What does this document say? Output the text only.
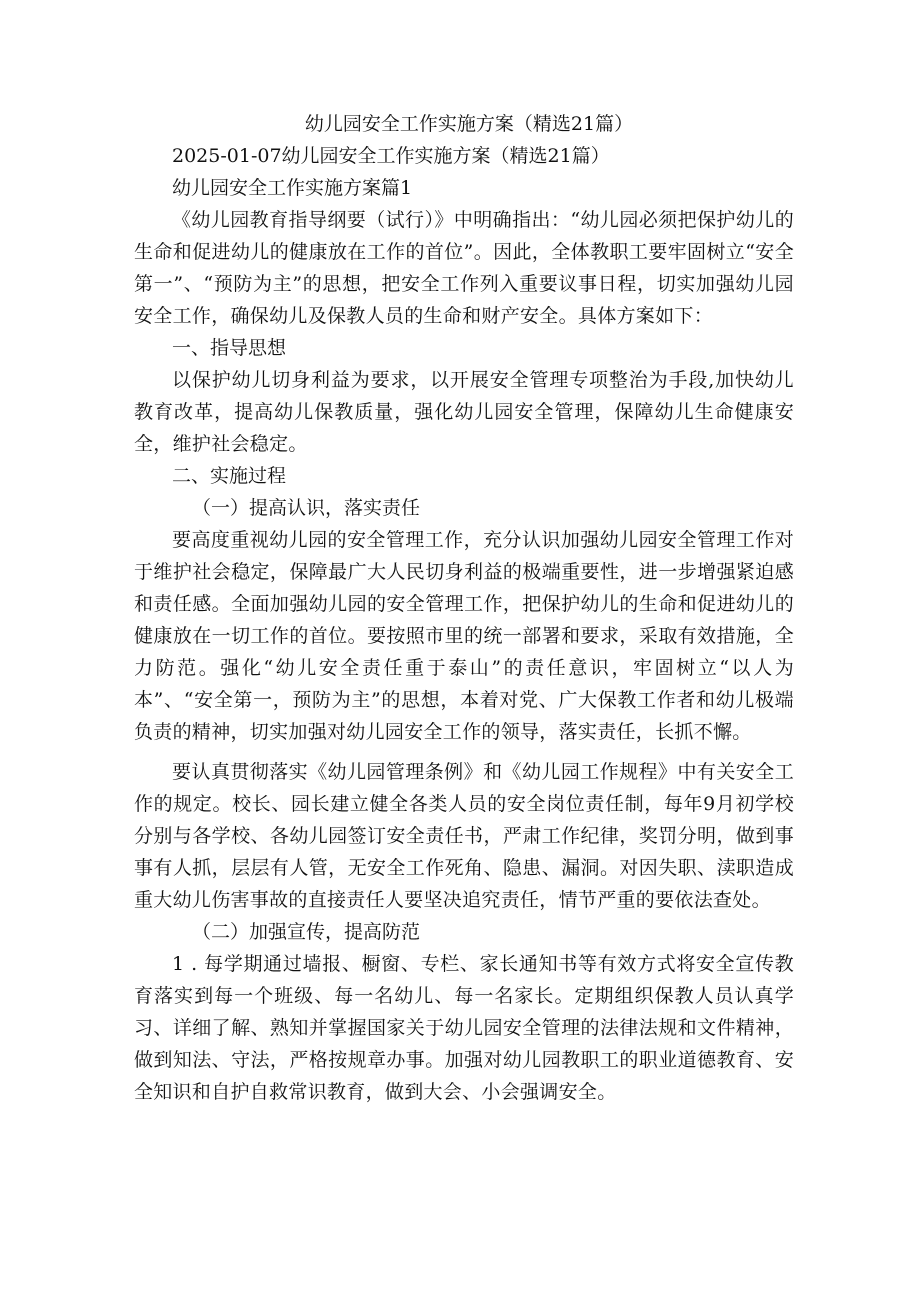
幼儿园安全工作实施方案（精选21篇）

2025-01-07幼儿园安全工作实施方案（精选21篇）

幼儿园安全工作实施方案篇1

《幼儿园教育指导纲要（试行）》中明确指出：“幼儿园必须把保护幼儿的生命和促进幼儿的健康放在工作的首位”。因此，全体教职工要牢固树立“安全第一”、“预防为主”的思想，把安全工作列入重要议事日程，切实加强幼儿园安全工作，确保幼儿及保教人员的生命和财产安全。具体方案如下：

一、指导思想

以保护幼儿切身利益为要求，以开展安全管理专项整治为手段,加快幼儿教育改革，提高幼儿保教质量，强化幼儿园安全管理，保障幼儿生命健康安全，维护社会稳定。

二、实施过程

（一）提高认识，落实责任

要高度重视幼儿园的安全管理工作，充分认识加强幼儿园安全管理工作对于维护社会稳定，保障最广大人民切身利益的极端重要性，进一步增强紧迫感和责任感。全面加强幼儿园的安全管理工作，把保护幼儿的生命和促进幼儿的健康放在一切工作的首位。要按照市里的统一部署和要求，采取有效措施，全力防范。强化“幼儿安全责任重于泰山”的责任意识，牢固树立“以人为本”、“安全第一，预防为主”的思想，本着对党、广大保教工作者和幼儿极端负责的精神，切实加强对幼儿园安全工作的领导，落实责任，长抓不懈。

要认真贯彻落实《幼儿园管理条例》和《幼儿园工作规程》中有关安全工作的规定。校长、园长建立健全各类人员的安全岗位责任制，每年9月初学校分别与各学校、各幼儿园签订安全责任书，严肃工作纪律，奖罚分明，做到事事有人抓，层层有人管，无安全工作死角、隐患、漏洞。对因失职、渎职造成重大幼儿伤害事故的直接责任人要坚决追究责任，情节严重的要依法查处。

（二）加强宣传，提高防范

1 . 每学期通过墙报、橱窗、专栏、家长通知书等有效方式将安全宣传教育落实到每一个班级、每一名幼儿、每一名家长。定期组织保教人员认真学习、详细了解、熟知并掌握国家关于幼儿园安全管理的法律法规和文件精神，做到知法、守法，严格按规章办事。加强对幼儿园教职工的职业道德教育、安全知识和自护自救常识教育，做到大会、小会强调安全。
